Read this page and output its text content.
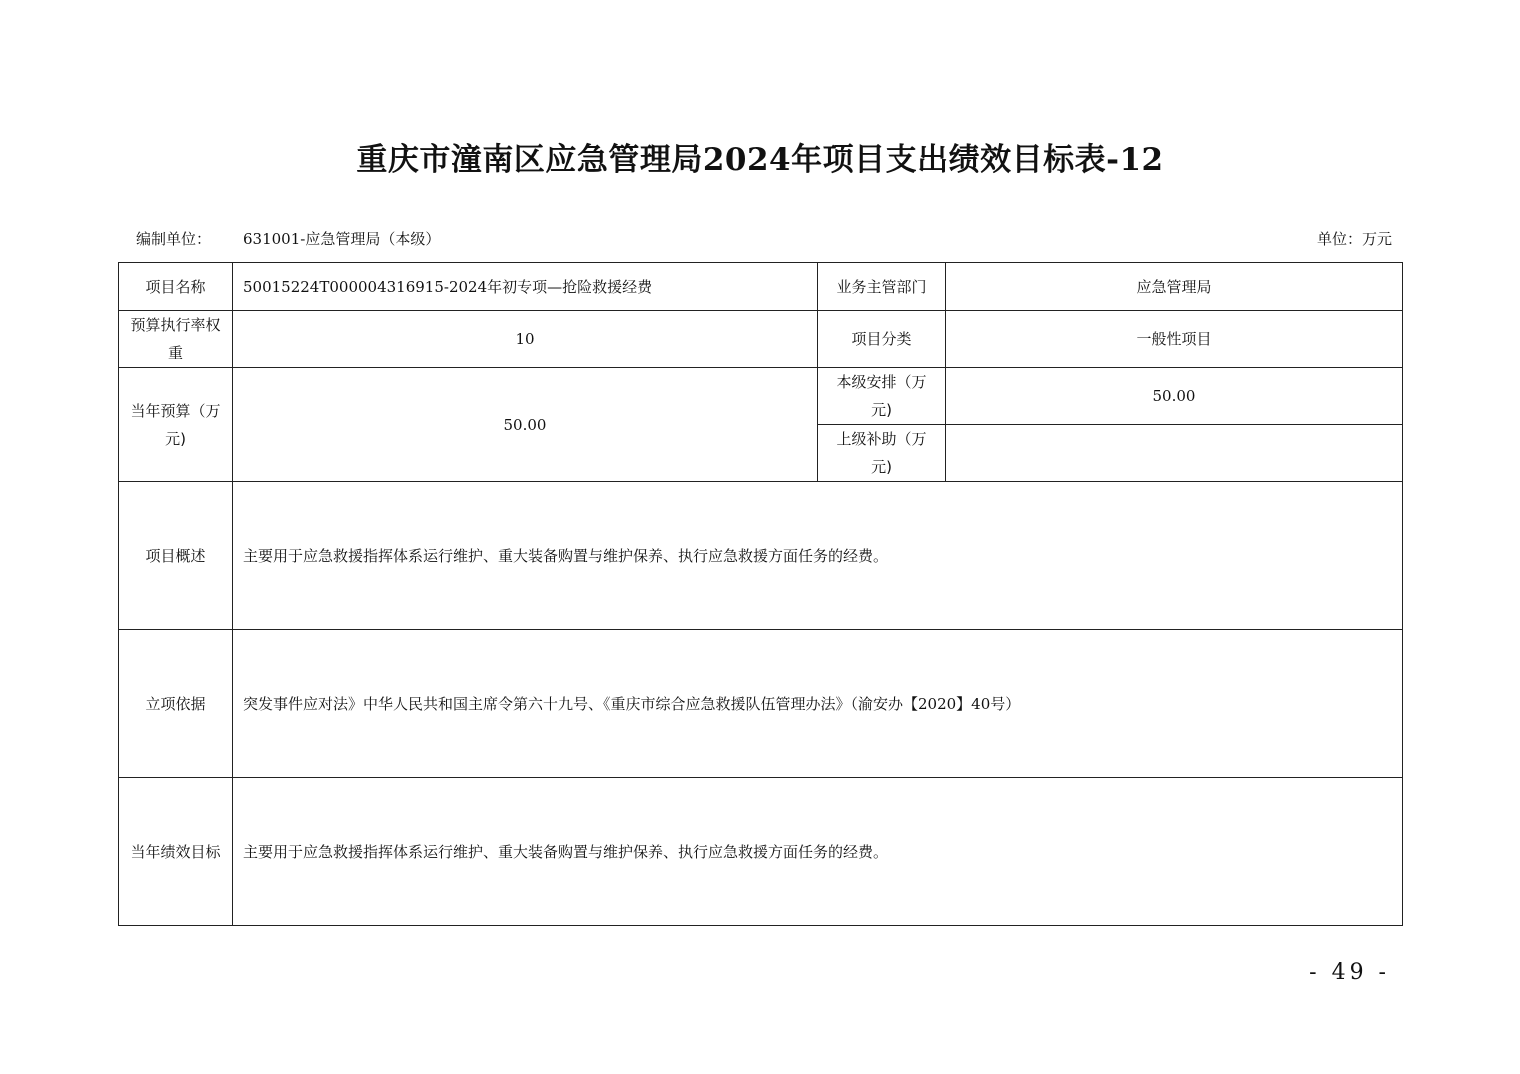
重庆市潼南区应急管理局2024年项目支出绩效目标表-12
编制单位： 631001-应急管理局（本级）	单位：万元
项目名称	50015224T000004316915-2024年初专项—抢险救援经费	业务主管部门	应急管理局
预算执行率权重	10	项目分类	一般性项目
当年预算（万元)	50.00	本级安排（万元)	50.00
		上级补助（万元)	
项目概述	主要用于应急救援指挥体系运行维护、重大装备购置与维护保养、执行应急救援方面任务的经费。		
立项依据	突发事件应对法》中华人民共和国主席令第六十九号、《重庆市综合应急救援队伍管理办法》（渝安办【2020】40号）		
当年绩效目标	主要用于应急救援指挥体系运行维护、重大装备购置与维护保养、执行应急救援方面任务的经费。		
- 49 -
